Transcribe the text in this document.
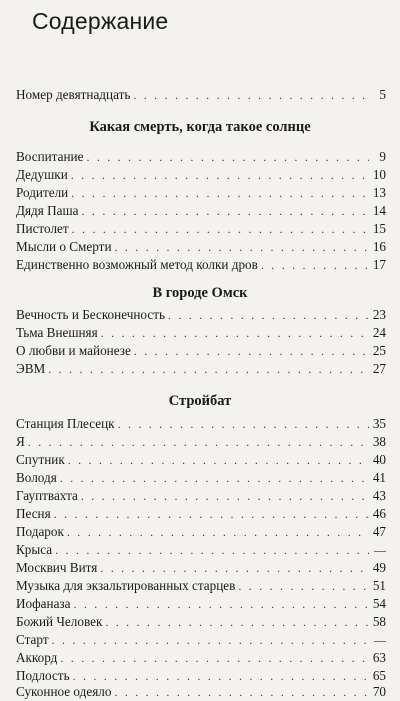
Содержание
Номер девятнадцать . . .	5
Какая смерть, когда такое солнце
Воспитание . . .	9
Дедушки . . .	10
Родители . . .	13
Дядя Паша . . .	14
Пистолет . . .	15
Мысли о Смерти . . .	16
Единственно возможный метод колки дров . . .	17
В городе Омск
Вечность и Бесконечность . . .	23
Тьма Внешняя . . .	24
О любви и майонезе . . .	25
ЭВМ . . .	27
Стройбат
Станция Плесецк . . .	35
Я . . .	38
Спутник . . .	40
Володя . . .	41
Гауптвахта . . .	43
Песня . . .	46
Подарок . . .	47
Крыса . . .	—
Москвич Витя . . .	49
Музыка для экзальтированных старцев . . .	51
Иофаназа . . .	54
Божий Человек . . .	58
Старт . . .	—
Аккорд . . .	63
Подлость . . .	65
Суконное одеяло . . .	70
